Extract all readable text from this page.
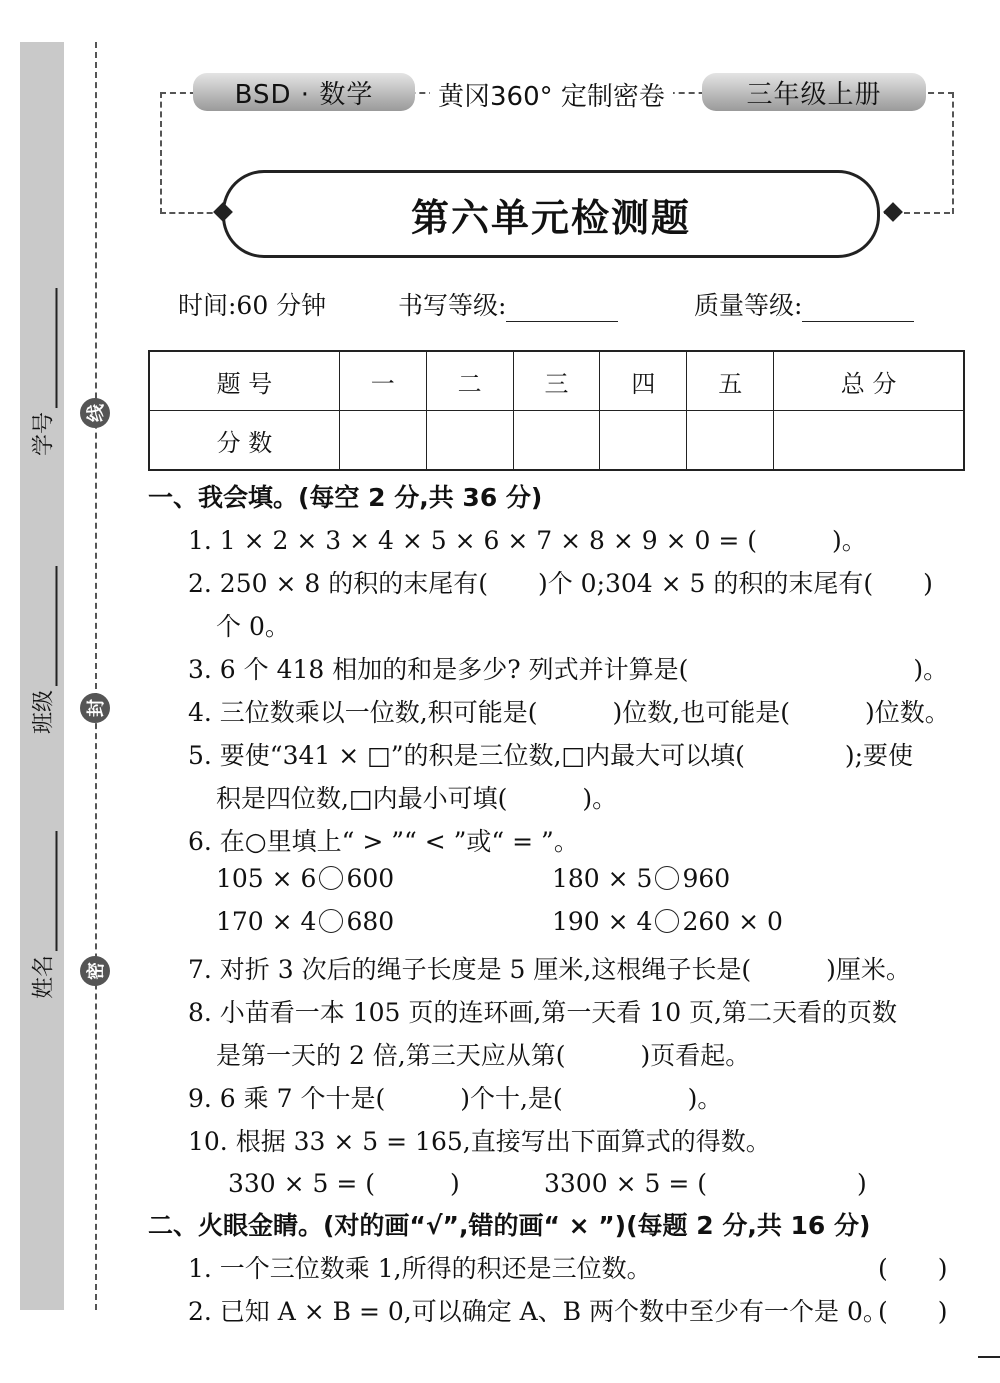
线
封
密
学号
班级
姓名
BSD · 数学	黄冈360° 定制密卷	三年级上册
第六单元检测题
时间:60 分钟	书写等级:	质量等级:
题 号	一	二	三	四	五	总 分
分 数						
一、我会填。(每空 2 分,共 36 分)
1. 1 × 2 × 3 × 4 × 5 × 6 × 7 × 8 × 9 × 0 = (　　　)。
2. 250 × 8 的积的末尾有(　　)个 0;304 × 5 的积的末尾有(　　)
个 0。
3. 6 个 418 相加的和是多少? 列式并计算是(　　　　　　　　　)。
4. 三位数乘以一位数,积可能是(　　　)位数,也可能是(　　　)位数。
5. 要使“341 × □”的积是三位数,□内最大可以填(　　　　);要使
积是四位数,□内最小可填(　　　)。
6. 在○里填上“ > ”“ < ”或“ = ”。
105 × 6 600	180 × 5 960
170 × 4 680	190 × 4 260 × 0
7. 对折 3 次后的绳子长度是 5 厘米,这根绳子长是(　　　)厘米。
8. 小苗看一本 105 页的连环画,第一天看 10 页,第二天看的页数
是第一天的 2 倍,第三天应从第(　　　)页看起。
9. 6 乘 7 个十是(　　　)个十,是(　　　　　)。
10. 根据 33 × 5 = 165,直接写出下面算式的得数。
330 × 5 = (　　　)	3300 × 5 = (　　　　　　)
二、火眼金睛。(对的画“√”,错的画“ × ”)(每题 2 分,共 16 分)
1. 一个三位数乘 1,所得的积还是三位数。	(　　)
2. 已知 A × B = 0,可以确定 A、B 两个数中至少有一个是 0。
(　　)
